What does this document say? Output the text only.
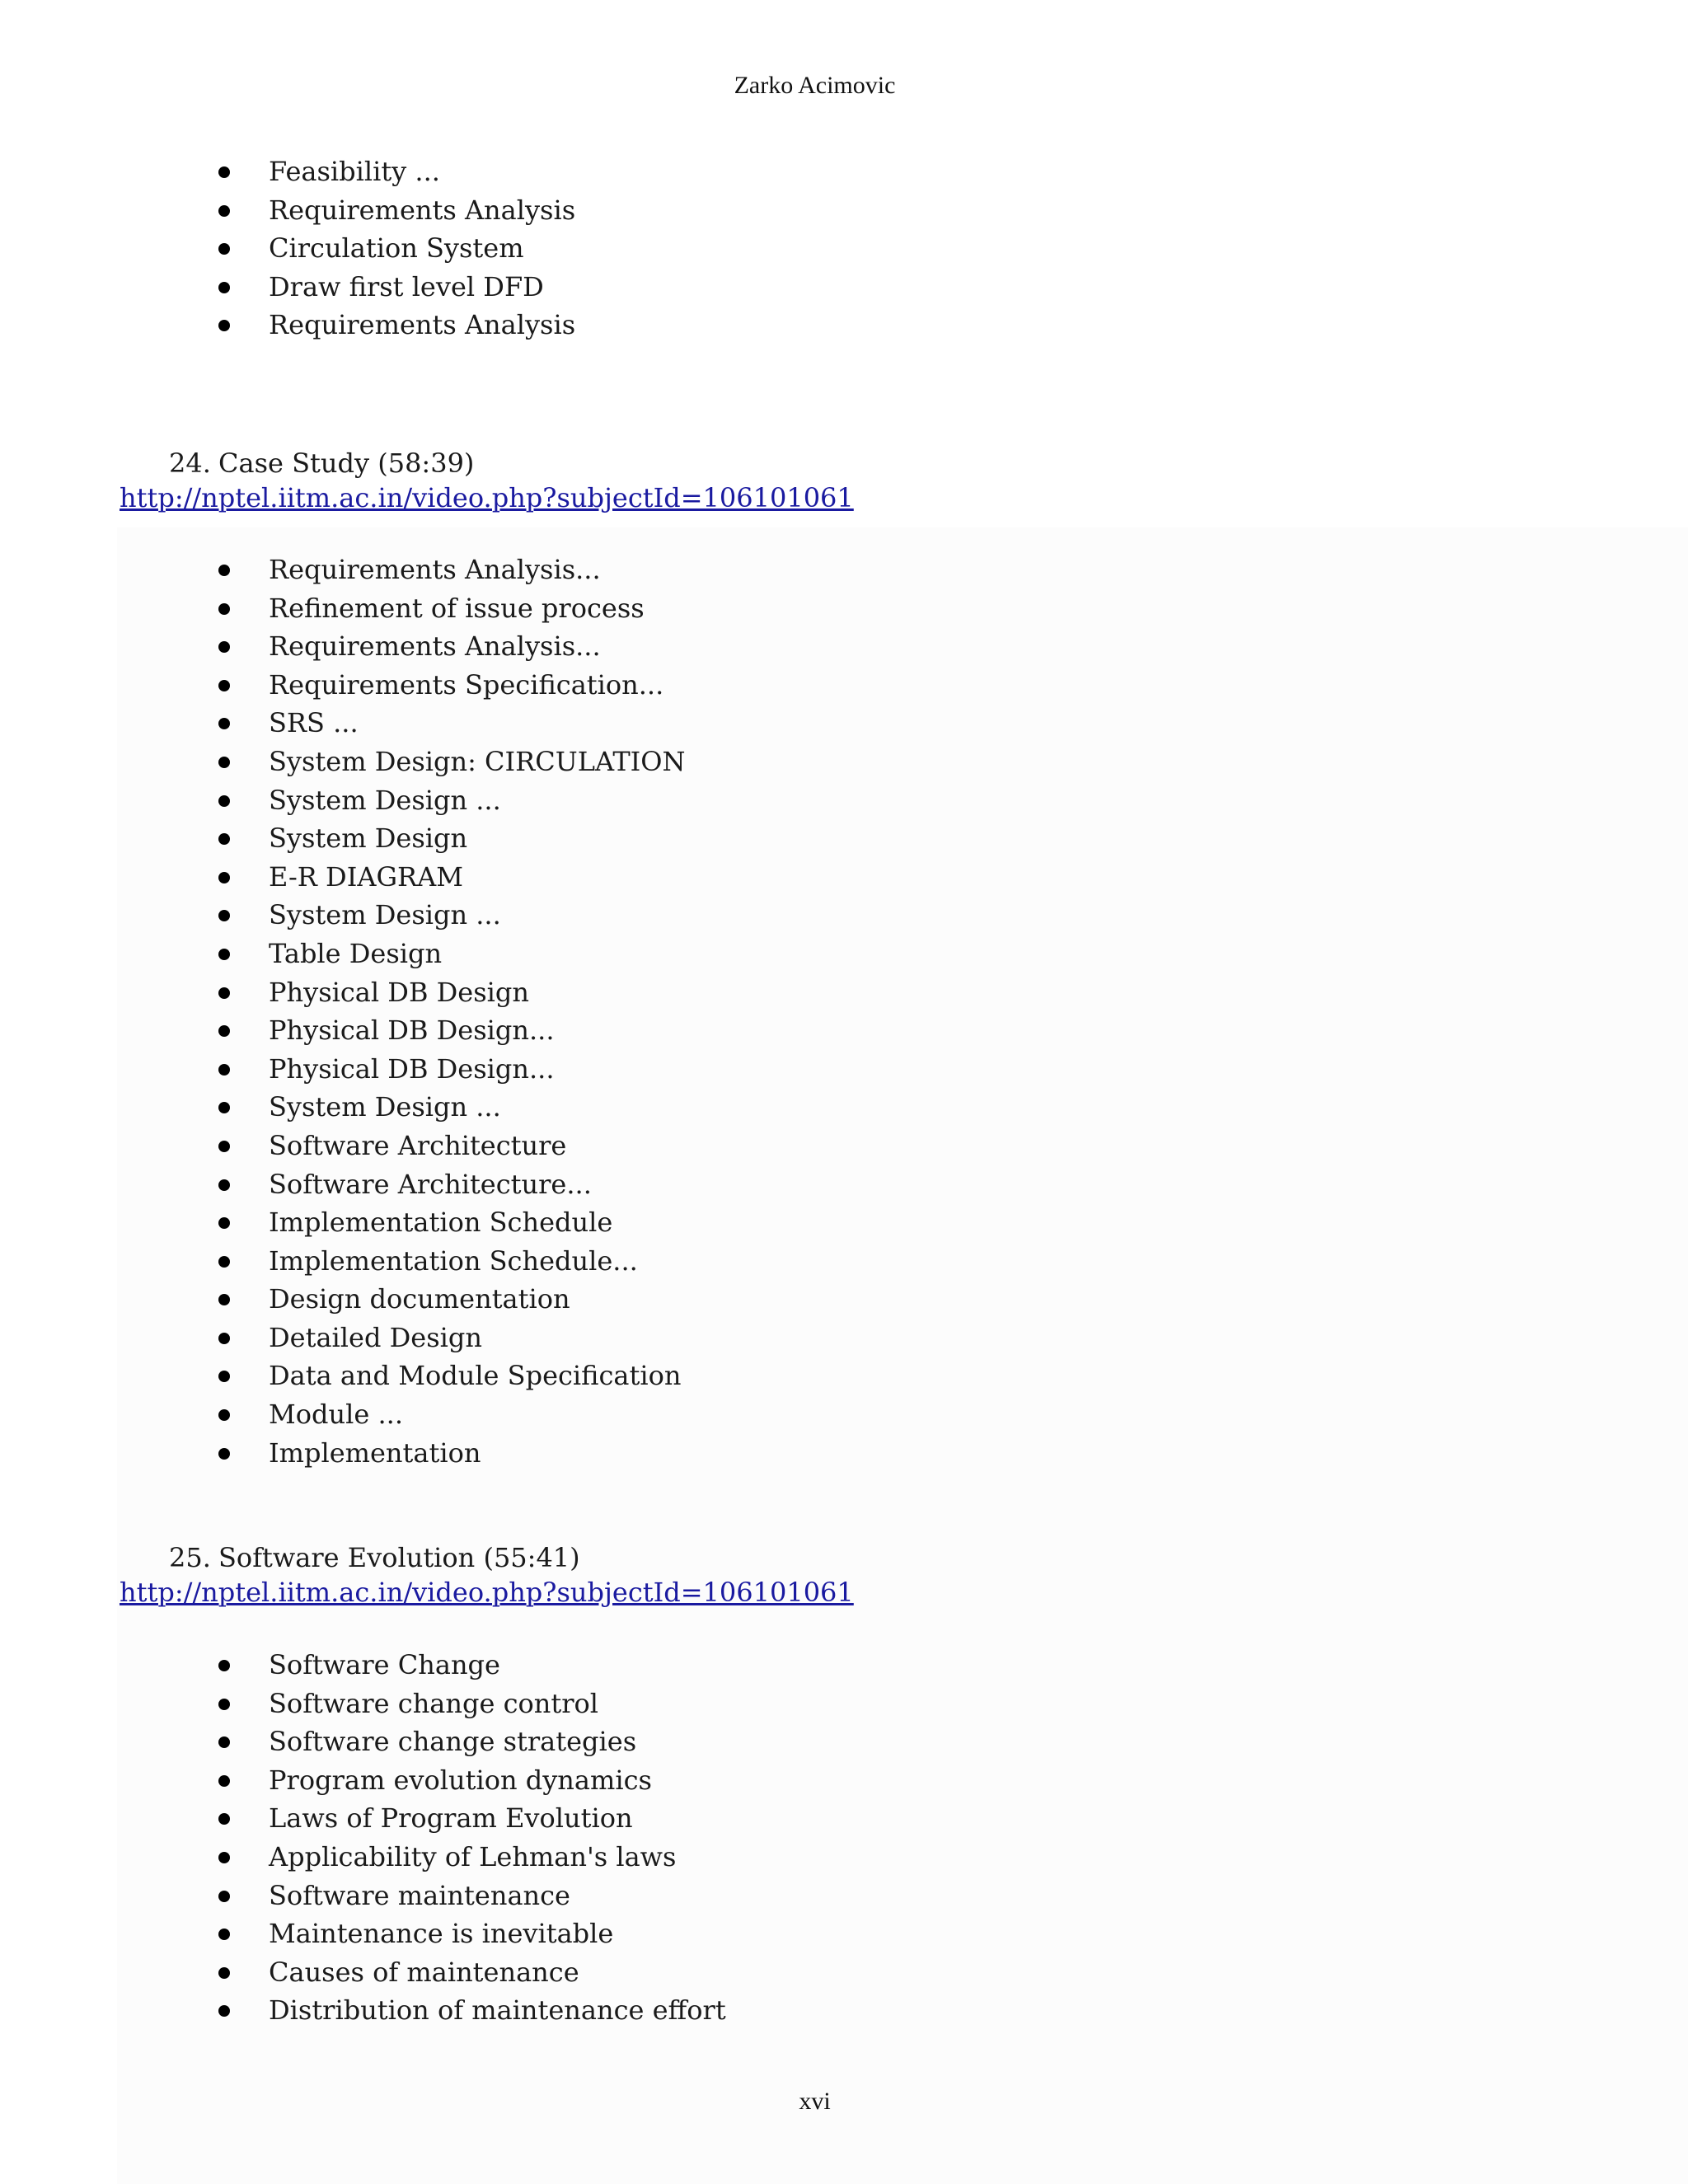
Zarko Acimovic
Feasibility ...
Requirements Analysis
Circulation System
Draw first level DFD
Requirements Analysis
24. Case Study (58:39)
http://nptel.iitm.ac.in/video.php?subjectId=106101061
Requirements Analysis...
Refinement of issue process
Requirements Analysis...
Requirements Specification...
SRS ...
System Design: CIRCULATION
System Design ...
System Design
E-R DIAGRAM
System Design ...
Table Design
Physical DB Design
Physical DB Design...
Physical DB Design...
System Design ...
Software Architecture
Software Architecture...
Implementation Schedule
Implementation Schedule...
Design documentation
Detailed Design
Data and Module Specification
Module ...
Implementation
25. Software Evolution (55:41)
http://nptel.iitm.ac.in/video.php?subjectId=106101061
Software Change
Software change control
Software change strategies
Program evolution dynamics
Laws of Program Evolution
Applicability of Lehman's laws
Software maintenance
Maintenance is inevitable
Causes of maintenance
Distribution of maintenance effort
xvi
